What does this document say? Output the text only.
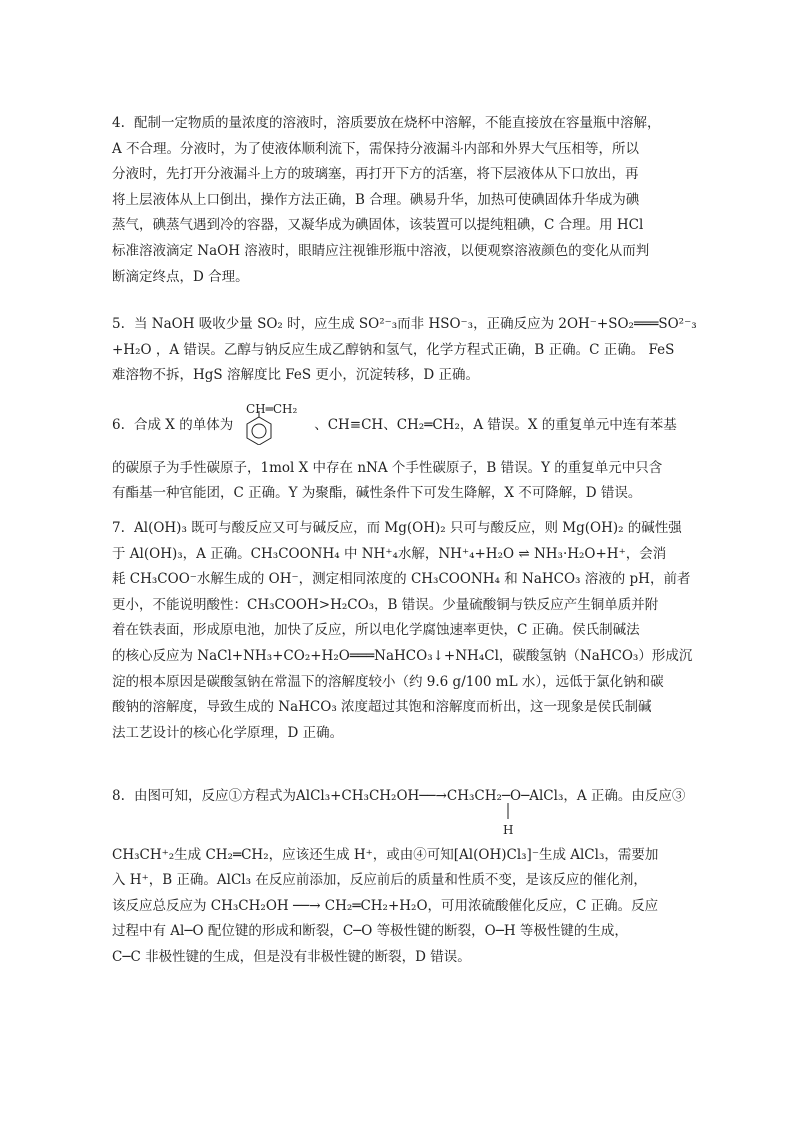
4. 配制一定物质的量浓度的溶液时，溶质要放在烧杯中溶解，不能直接放在容量瓶中溶解，
A 不合理。分液时，为了使液体顺利流下，需保持分液漏斗内部和外界大气压相等，所以
分液时，先打开分液漏斗上方的玻璃塞，再打开下方的活塞，将下层液体从下口放出，再
将上层液体从上口倒出，操作方法正确，B 合理。碘易升华，加热可使碘固体升华成为碘
蒸气，碘蒸气遇到冷的容器，又凝华成为碘固体，该装置可以提纯粗碘，C 合理。用 HCl
标准溶液滴定 NaOH 溶液时，眼睛应注视锥形瓶中溶液，以便观察溶液颜色的变化从而判
断滴定终点，D 合理。
5. 当 NaOH 吸收少量 SO₂ 时，应生成 SO²⁻₃而非 HSO⁻₃，正确反应为 2OH⁻+SO₂═══SO²⁻₃
+H₂O ，A 错误。乙醇与钠反应生成乙醇钠和氢气，化学方程式正确，B 正确。C 正确。 FeS
难溶物不拆，HgS 溶解度比 FeS 更小，沉淀转移，D 正确。
6. 合成 X 的单体为　　　　　　、CH≡CH、CH₂═CH₂，A 错误。X 的重复单元中连有苯基
的碳原子为手性碳原子，1mol X 中存在 nNA 个手性碳原子，B 错误。Y 的重复单元中只含
有酯基一种官能团，C 正确。Y 为聚酯，碱性条件下可发生降解，X 不可降解，D 错误。
CH═CH₂
7. Al(OH)₃ 既可与酸反应又可与碱反应，而 Mg(OH)₂ 只可与酸反应，则 Mg(OH)₂ 的碱性强
于 Al(OH)₃，A 正确。CH₃COONH₄ 中 NH⁺₄水解，NH⁺₄+H₂O ⇌ NH₃·H₂O+H⁺，会消
耗 CH₃COO⁻水解生成的 OH⁻，测定相同浓度的 CH₃COONH₄ 和 NaHCO₃ 溶液的 pH，前者
更小，不能说明酸性：CH₃COOH>H₂CO₃，B 错误。少量硫酸铜与铁反应产生铜单质并附
着在铁表面，形成原电池，加快了反应，所以电化学腐蚀速率更快，C 正确。侯氏制碱法
的核心反应为 NaCl+NH₃+CO₂+H₂O═══NaHCO₃↓+NH₄Cl，碳酸氢钠（NaHCO₃）形成沉
淀的根本原因是碳酸氢钠在常温下的溶解度较小（约 9.6 g/100 mL 水），远低于氯化钠和碳
酸钠的溶解度，导致生成的 NaHCO₃ 浓度超过其饱和溶解度而析出，这一现象是侯氏制碱
法工艺设计的核心化学原理，D 正确。
8. 由图可知，反应①方程式为AlCl₃+CH₃CH₂OH──→CH₃CH₂─O─AlCl₃，A 正确。由反应③
CH₃CH⁺₂生成 CH₂═CH₂，应该还生成 H⁺，或由④可知[Al(OH)Cl₃]⁻生成 AlCl₃，需要加
入 H⁺，B 正确。AlCl₃ 在反应前添加，反应前后的质量和性质不变，是该反应的催化剂，
该反应总反应为 CH₃CH₂OH ──→ CH₂═CH₂+H₂O，可用浓硫酸催化反应，C 正确。反应
过程中有 Al─O 配位键的形成和断裂，C─O 等极性键的断裂，O─H 等极性键的生成，
C─C 非极性键的生成，但是没有非极性键的断裂，D 错误。
H
